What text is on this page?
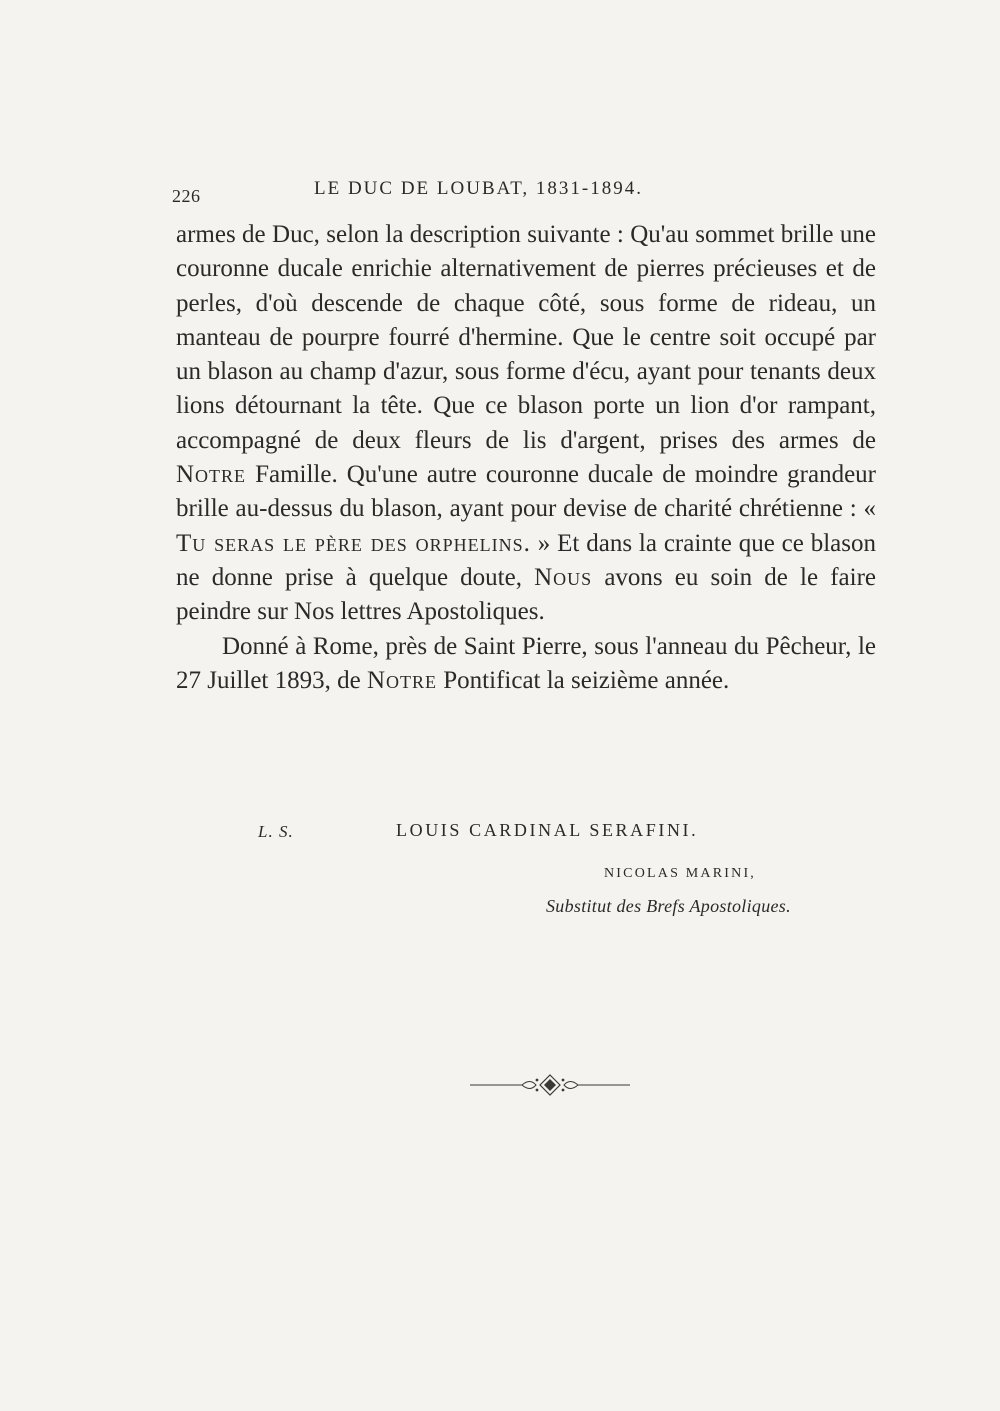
226	LE DUC DE LOUBAT, 1831-1894.

armes de Duc, selon la description suivante : Qu'au sommet brille une couronne ducale enrichie alternativement de pierres précieuses et de perles, d'où descende de chaque côté, sous forme de rideau, un manteau de pourpre fourré d'hermine. Que le centre soit occupé par un blason au champ d'azur, sous forme d'écu, ayant pour tenants deux lions détournant la tête. Que ce blason porte un lion d'or rampant, accompagné de deux fleurs de lis d'argent, prises des armes de Notre Famille. Qu'une autre couronne ducale de moindre grandeur brille au-dessus du blason, ayant pour devise de charité chrétienne : « Tu seras le père des orphelins. » Et dans la crainte que ce blason ne donne prise à quelque doute, Nous avons eu soin de le faire peindre sur Nos lettres Apostoliques.

Donné à Rome, près de Saint Pierre, sous l'anneau du Pêcheur, le 27 Juillet 1893, de Notre Pontificat la seizième année.

L. S.	LOUIS CARDINAL SERAFINI.
NICOLAS MARINI,
Substitut des Brefs Apostoliques.
